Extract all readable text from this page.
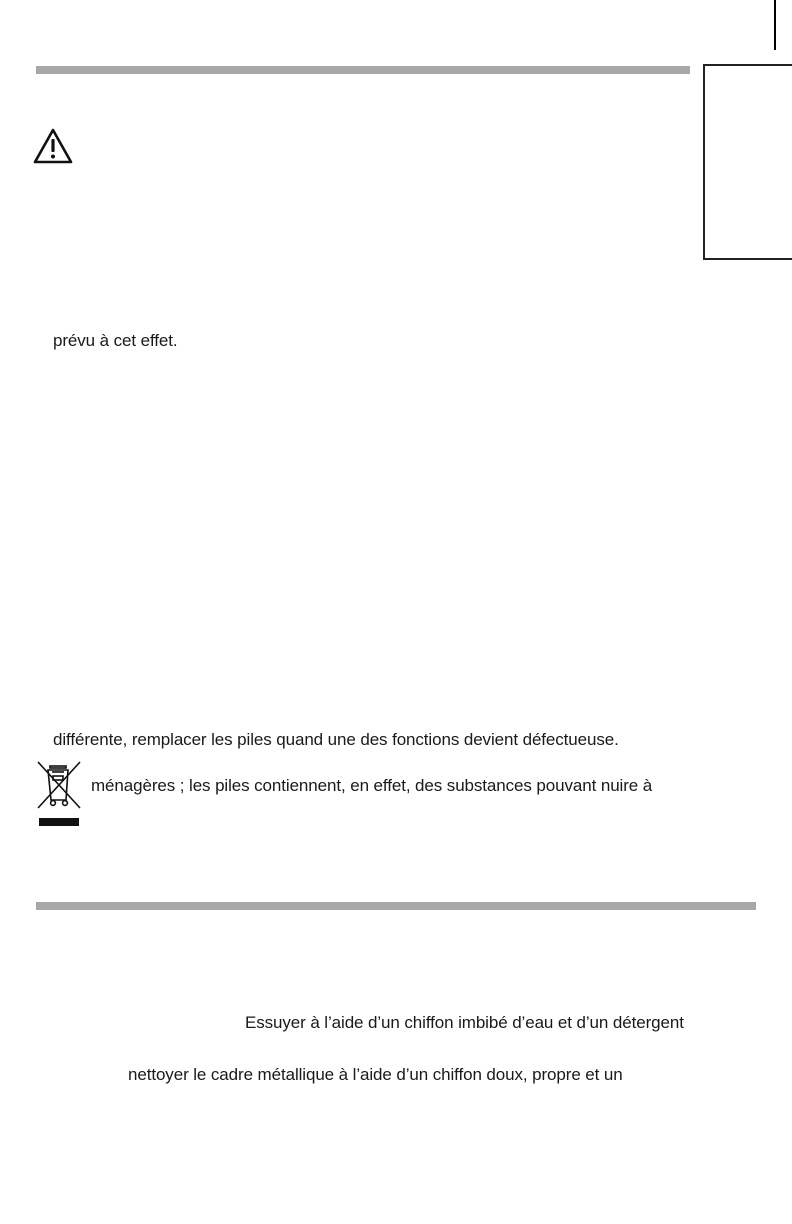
prévu à cet effet.
différente, remplacer les piles quand une des fonctions devient défectueuse.
ménagères ; les piles contiennent, en effet, des substances pouvant nuire à
Essuyer à l’aide d’un chiffon imbibé d’eau et d’un détergent
nettoyer le cadre métallique à l’aide d’un chiffon doux, propre et un
